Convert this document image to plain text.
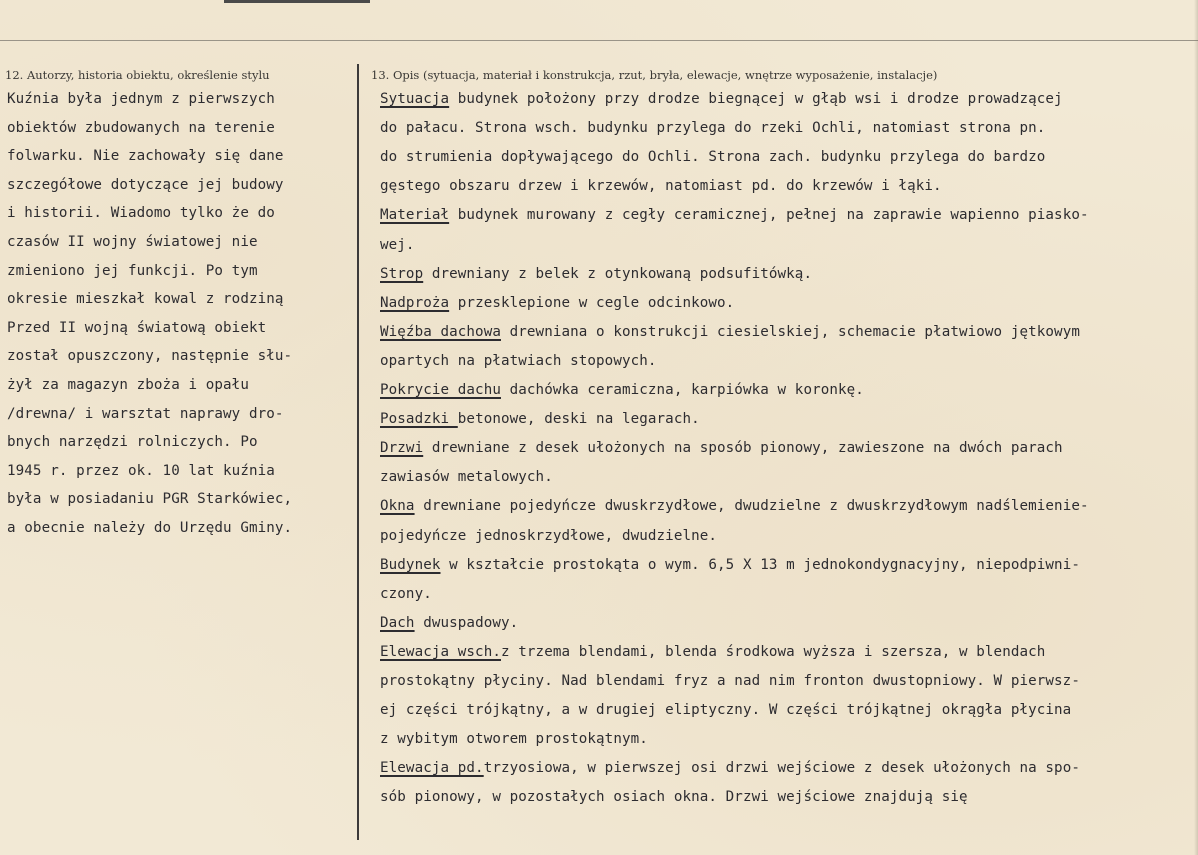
12. Autorzy, historia obiektu, określenie stylu	13. Opis (sytuacja, materiał i konstrukcja, rzut, bryła, elewacje, wnętrze wyposażenie, instalacje)
Kuźnia była jednym z pierwszych
obiektów zbudowanych na terenie
folwarku. Nie zachowały się dane
szczegółowe dotyczące jej budowy
i historii. Wiadomo tylko że do
czasów II wojny światowej nie
zmieniono jej funkcji. Po tym
okresie mieszkał kowal z rodziną
Przed II wojną światową obiekt
został opuszczony, następnie słu-
żył za magazyn zboża i opału
/drewna/ i warsztat naprawy dro-
bnych narzędzi rolniczych. Po
1945 r. przez ok. 10 lat kuźnia
była w posiadaniu PGR Starkówiec,
a obecnie należy do Urzędu Gminy.
Sytuacja budynek położony przy drodze biegnącej w głąb wsi i drodze prowadzącej
do pałacu. Strona wsch. budynku przylega do rzeki Ochli, natomiast strona pn.
do strumienia dopływającego do Ochli. Strona zach. budynku przylega do bardzo
gęstego obszaru drzew i krzewów, natomiast pd. do krzewów i łąki.
Materiał budynek murowany z cegły ceramicznej, pełnej na zaprawie wapienno piasko-
wej.
Strop drewniany z belek z otynkowaną podsufitówką.
Nadproża przesklepione w cegle odcinkowo.
Więźba dachowa drewniana o konstrukcji ciesielskiej, schemacie płatwiowo jętkowym
opartych na płatwiach stopowych.
Pokrycie dachu dachówka ceramiczna, karpiówka w koronkę.
Posadzki betonowe, deski na legarach.
Drzwi drewniane z desek ułożonych na sposób pionowy, zawieszone na dwóch parach
zawiasów metalowych.
Okna drewniane pojedyńcze dwuskrzydłowe, dwudzielne z dwuskrzydłowym nadślemienie-
pojedyńcze jednoskrzydłowe, dwudzielne.
Budynek w kształcie prostokąta o wym. 6,5 X 13 m jednokondygnacyjny, niepodpiwni-
czony.
Dach dwuspadowy.
Elewacja wsch.z trzema blendami, blenda środkowa wyższa i szersza, w blendach
prostokątny płyciny. Nad blendami fryz a nad nim fronton dwustopniowy. W pierwsz-
ej części trójkątny, a w drugiej eliptyczny. W części trójkątnej okrągła płycina
z wybitym otworem prostokątnym.
Elewacja pd.trzyosiowa, w pierwszej osi drzwi wejściowe z desek ułożonych na spo-
sób pionowy, w pozostałych osiach okna. Drzwi wejściowe znajdują się
